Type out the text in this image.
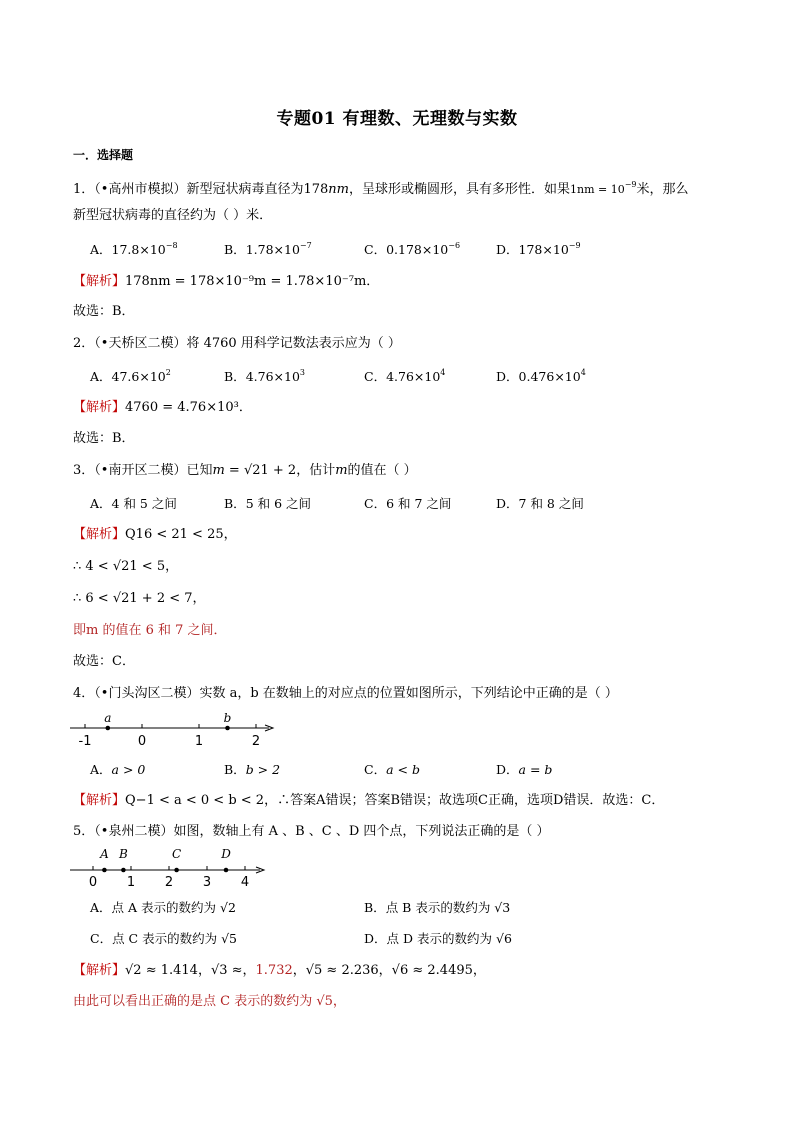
专题01 有理数、无理数与实数
一．选择题
1．（•高州市模拟）新型冠状病毒直径为178nm，呈球形或椭圆形，具有多形性．如果$1nm = 10^{-9}$米，那么
新型冠状病毒的直径约为（ ）米．
A．$17.8\times 10^{-8}$	B．$1.78\times 10^{-7}$	C．$0.178\times 10^{-6}$	D．$178\times 10^{-9}$
【解析】178nm = 178×10⁻⁹m = 1.78×10⁻⁷m．
故选：B．
2．（•天桥区二模）将 4760 用科学记数法表示应为（ ）
A．$47.6\times 10^2$	B．$4.76\times 10^3$	C．$4.76\times 10^4$	D．$0.476\times 10^4$
【解析】4760 = 4.76×10³．
故选：B．
3．（•南开区二模）已知m = √21 + 2，估计m的值在（ ）
A．4 和 5 之间	B．5 和 6 之间	C．6 和 7 之间	D．7 和 8 之间
【解析】Q16 < 21 < 25，
∴ 4 < √21 < 5，
∴ 6 < √21 + 2 < 7，
即m 的值在 6 和 7 之间．
故选：C．
4．（•门头沟区二模）实数 a，b 在数轴上的对应点的位置如图所示，下列结论中正确的是（ ）
-1	0	1	2
a	b
A．a > 0	B．b > 2	C．a < b	D．a = b
【解析】Q−1 < a < 0 < b < 2，∴答案A错误；答案B错误；故选项C正确，选项D错误．故选：C．
5．（•泉州二模）如图，数轴上有 A 、B 、C 、D 四个点，下列说法正确的是（ ）
0 1 2 3 4
A B	C	D
A．点 A 表示的数约为 √2	B．点 B 表示的数约为 √3
C．点 C 表示的数约为 √5	D．点 D 表示的数约为 √6
【解析】√2 ≈ 1.414，√3 ≈，1.732，√5 ≈ 2.236，√6 ≈ 2.4495，
由此可以看出正确的是点 C 表示的数约为 √5，
